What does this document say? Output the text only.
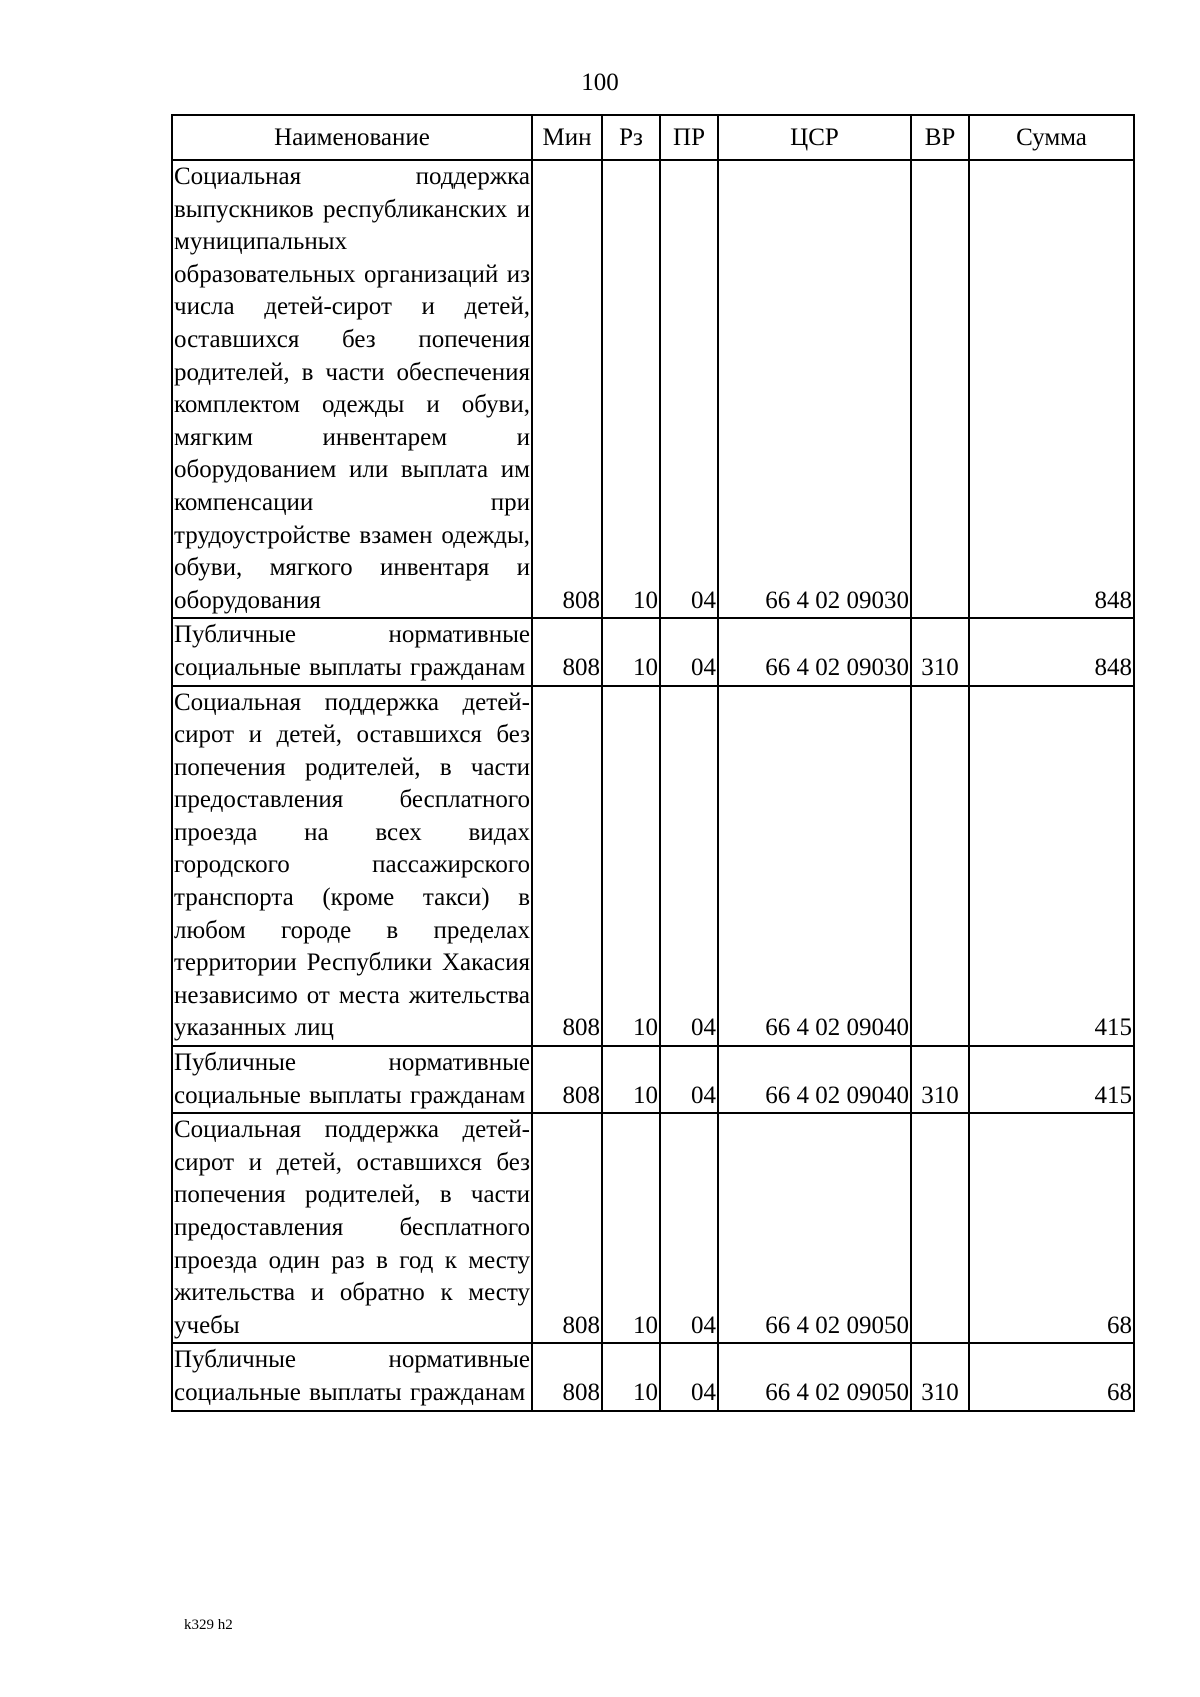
100
Наименование	Мин	Рз	ПР	ЦСР	ВР	Сумма
Социальная поддержка выпускников республиканских и муниципальных образовательных организаций из числа детей-сирот и детей, оставшихся без попечения родителей, в части обеспечения комплектом одежды и обуви, мягким инвентарем и оборудованием или выплата им компенсации при трудоустройстве взамен одежды, обуви, мягкого инвентаря и оборудования	808	10	04	66 4 02 09030		848
Публичные нормативные социальные выплаты гражданам	808	10	04	66 4 02 09030	310	848
Социальная поддержка детей-сирот и детей, оставшихся без попечения родителей, в части предоставления бесплатного проезда на всех видах городского пассажирского транспорта (кроме такси) в любом городе в пределах территории Республики Хакасия независимо от места жительства указанных лиц	808	10	04	66 4 02 09040		415
Публичные нормативные социальные выплаты гражданам	808	10	04	66 4 02 09040	310	415
Социальная поддержка детей-сирот и детей, оставшихся без попечения родителей, в части предоставления бесплатного проезда один раз в год к месту жительства и обратно к месту учебы	808	10	04	66 4 02 09050		68
Публичные нормативные социальные выплаты гражданам	808	10	04	66 4 02 09050	310	68
k329 h2
